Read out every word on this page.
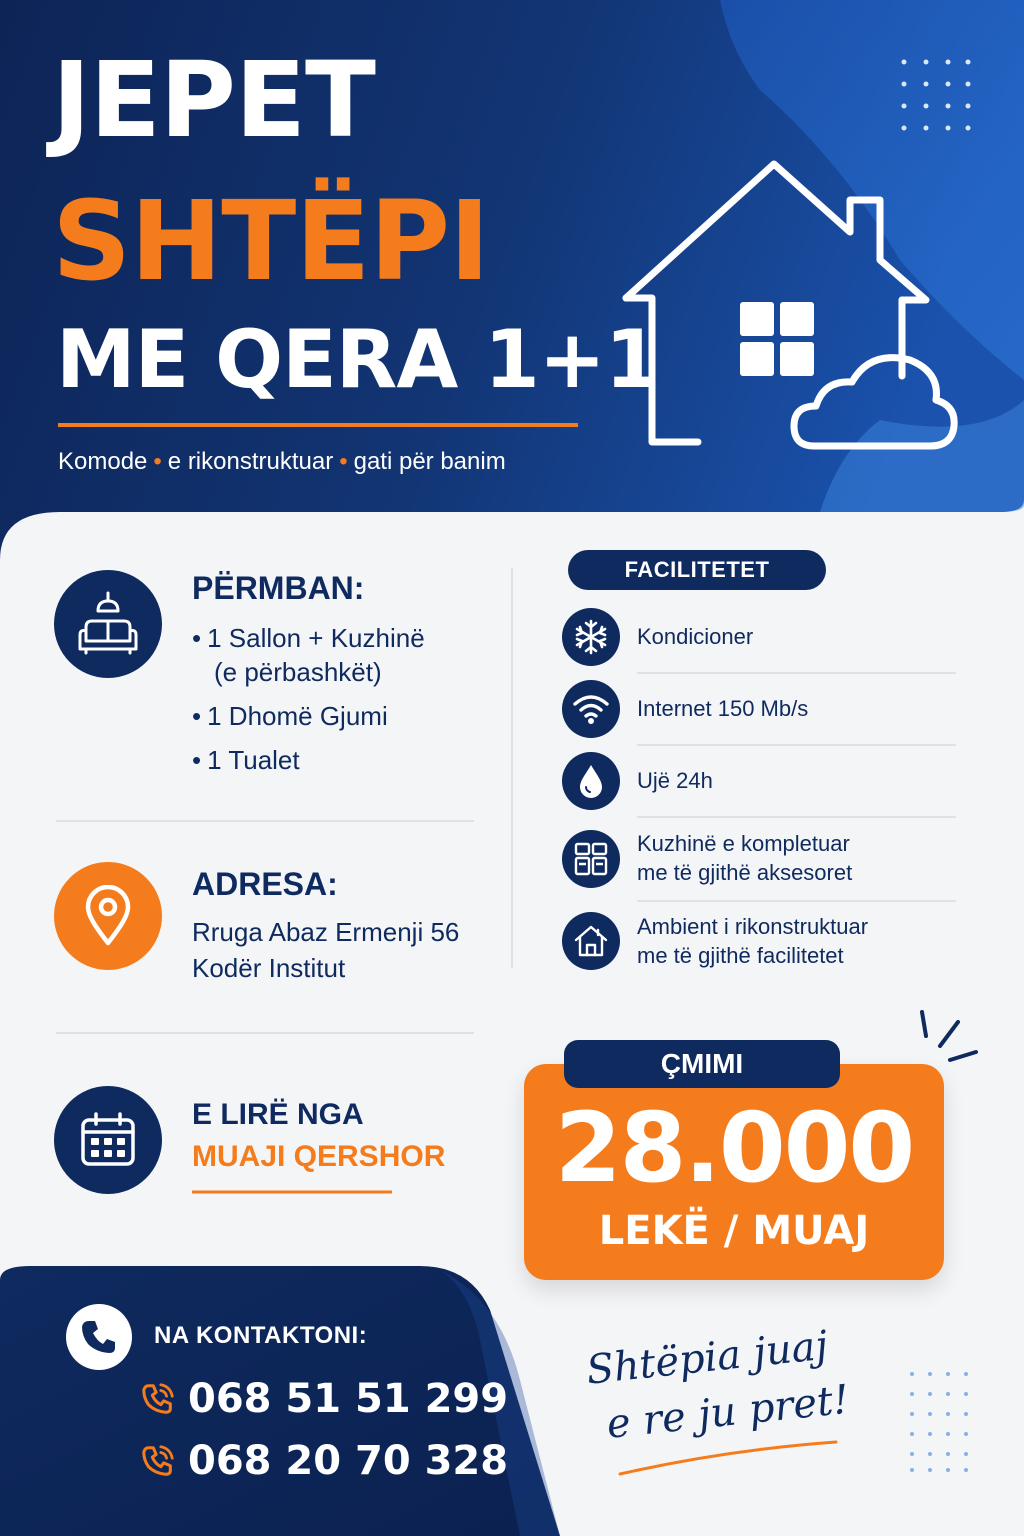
JEPET
SHTËPI
ME QERA 1+1
Komode • e rikonstruktuar • gati për banim
PËRMBAN:
• 1 Sallon + Kuzhinë
(e përbashkët)
• 1 Dhomë Gjumi
• 1 Tualet
ADRESA:
Rruga Abaz Ermenji 56
Kodër Institut
E LIRË NGA
MUAJI QERSHOR
FACILITETET
Kondicioner
Internet 150 Mb/s
Ujë 24h
Kuzhinë e kompletuar
me të gjithë aksesoret
Ambient i rikonstruktuar
me të gjithë facilitetet
ÇMIMI
28.000
LEKË / MUAJ
NA KONTAKTONI:
068 51 51 299
068 20 70 328
Shtëpia juaj
e re ju pret!
